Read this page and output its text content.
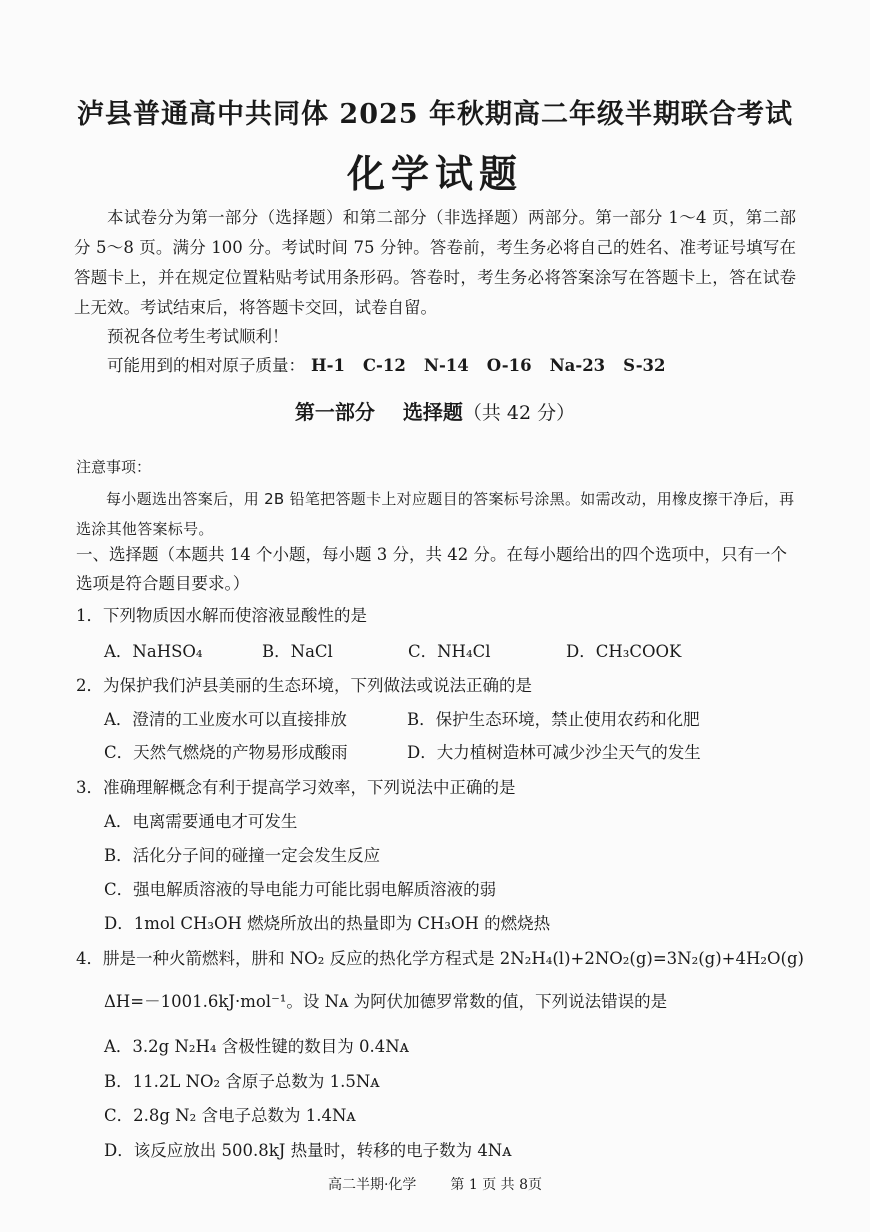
泸县普通高中共同体 2025 年秋期高二年级半期联合考试
化学试题
本试卷分为第一部分（选择题）和第二部分（非选择题）两部分。第一部分 1～4 页，第二部分 5～8 页。满分 100 分。考试时间 75 分钟。答卷前，考生务必将自己的姓名、准考证号填写在答题卡上，并在规定位置粘贴考试用条形码。答卷时，考生务必将答案涂写在答题卡上，答在试卷上无效。考试结束后，将答题卡交回，试卷自留。
预祝各位考生考试顺利！
可能用到的相对原子质量： H-1 C-12 N-14 O-16 Na-23 S-32
第一部分 选择题（共 42 分）
注意事项：
每小题选出答案后，用 2B 铅笔把答题卡上对应题目的答案标号涂黑。如需改动，用橡皮擦干净后，再选涂其他答案标号。
一、选择题（本题共 14 个小题，每小题 3 分，共 42 分。在每小题给出的四个选项中，只有一个选项是符合题目要求。）
1．下列物质因水解而使溶液显酸性的是
A．NaHSO₄	B．NaCl	C．NH₄Cl	D．CH₃COOK
2．为保护我们泸县美丽的生态环境，下列做法或说法正确的是
A．澄清的工业废水可以直接排放	B．保护生态环境，禁止使用农药和化肥
C．天然气燃烧的产物易形成酸雨	D．大力植树造林可减少沙尘天气的发生
3．准确理解概念有利于提高学习效率，下列说法中正确的是
A．电离需要通电才可发生
B．活化分子间的碰撞一定会发生反应
C．强电解质溶液的导电能力可能比弱电解质溶液的弱
D．1mol CH₃OH 燃烧所放出的热量即为 CH₃OH 的燃烧热
4．肼是一种火箭燃料，肼和 NO₂ 反应的热化学方程式是 2N₂H₄(l)+2NO₂(g)=3N₂(g)+4H₂O(g)
ΔH=－1001.6kJ·mol⁻¹。设 Nᴀ 为阿伏加德罗常数的值，下列说法错误的是
A．3.2g N₂H₄ 含极性键的数目为 0.4Nᴀ
B．11.2L NO₂ 含原子总数为 1.5Nᴀ
C．2.8g N₂ 含电子总数为 1.4Nᴀ
D．该反应放出 500.8kJ 热量时，转移的电子数为 4Nᴀ
高二半期·化学 第 1 页 共 8页
